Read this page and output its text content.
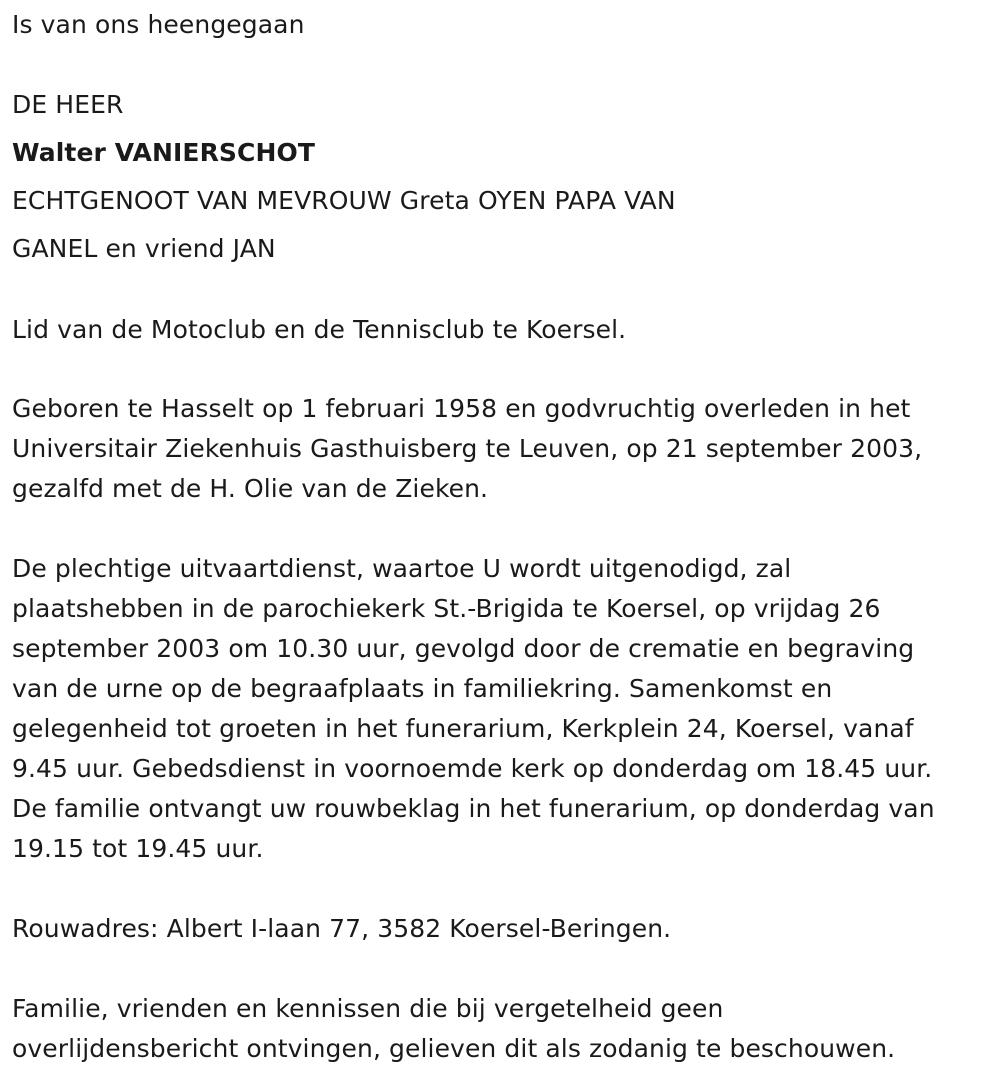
Is van ons heengegaan
DE HEER
Walter VANIERSCHOT
ECHTGENOOT VAN MEVROUW Greta OYEN PAPA VAN
GANEL en vriend JAN
Lid van de Motoclub en de Tennisclub te Koersel.
Geboren te Hasselt op 1 februari 1958 en godvruchtig overleden in het
Universitair Ziekenhuis Gasthuisberg te Leuven, op 21 september 2003,
gezalfd met de H. Olie van de Zieken.
De plechtige uitvaartdienst, waartoe U wordt uitgenodigd, zal
plaatshebben in de parochiekerk St.-Brigida te Koersel, op vrijdag 26
september 2003 om 10.30 uur, gevolgd door de crematie en begraving
van de urne op de begraafplaats in familiekring. Samenkomst en
gelegenheid tot groeten in het funerarium, Kerkplein 24, Koersel, vanaf
9.45 uur. Gebedsdienst in voornoemde kerk op donderdag om 18.45 uur.
De familie ontvangt uw rouwbeklag in het funerarium, op donderdag van
19.15 tot 19.45 uur.
Rouwadres: Albert I-laan 77, 3582 Koersel-Beringen.
Familie, vrienden en kennissen die bij vergetelheid geen
overlijdensbericht ontvingen, gelieven dit als zodanig te beschouwen.
